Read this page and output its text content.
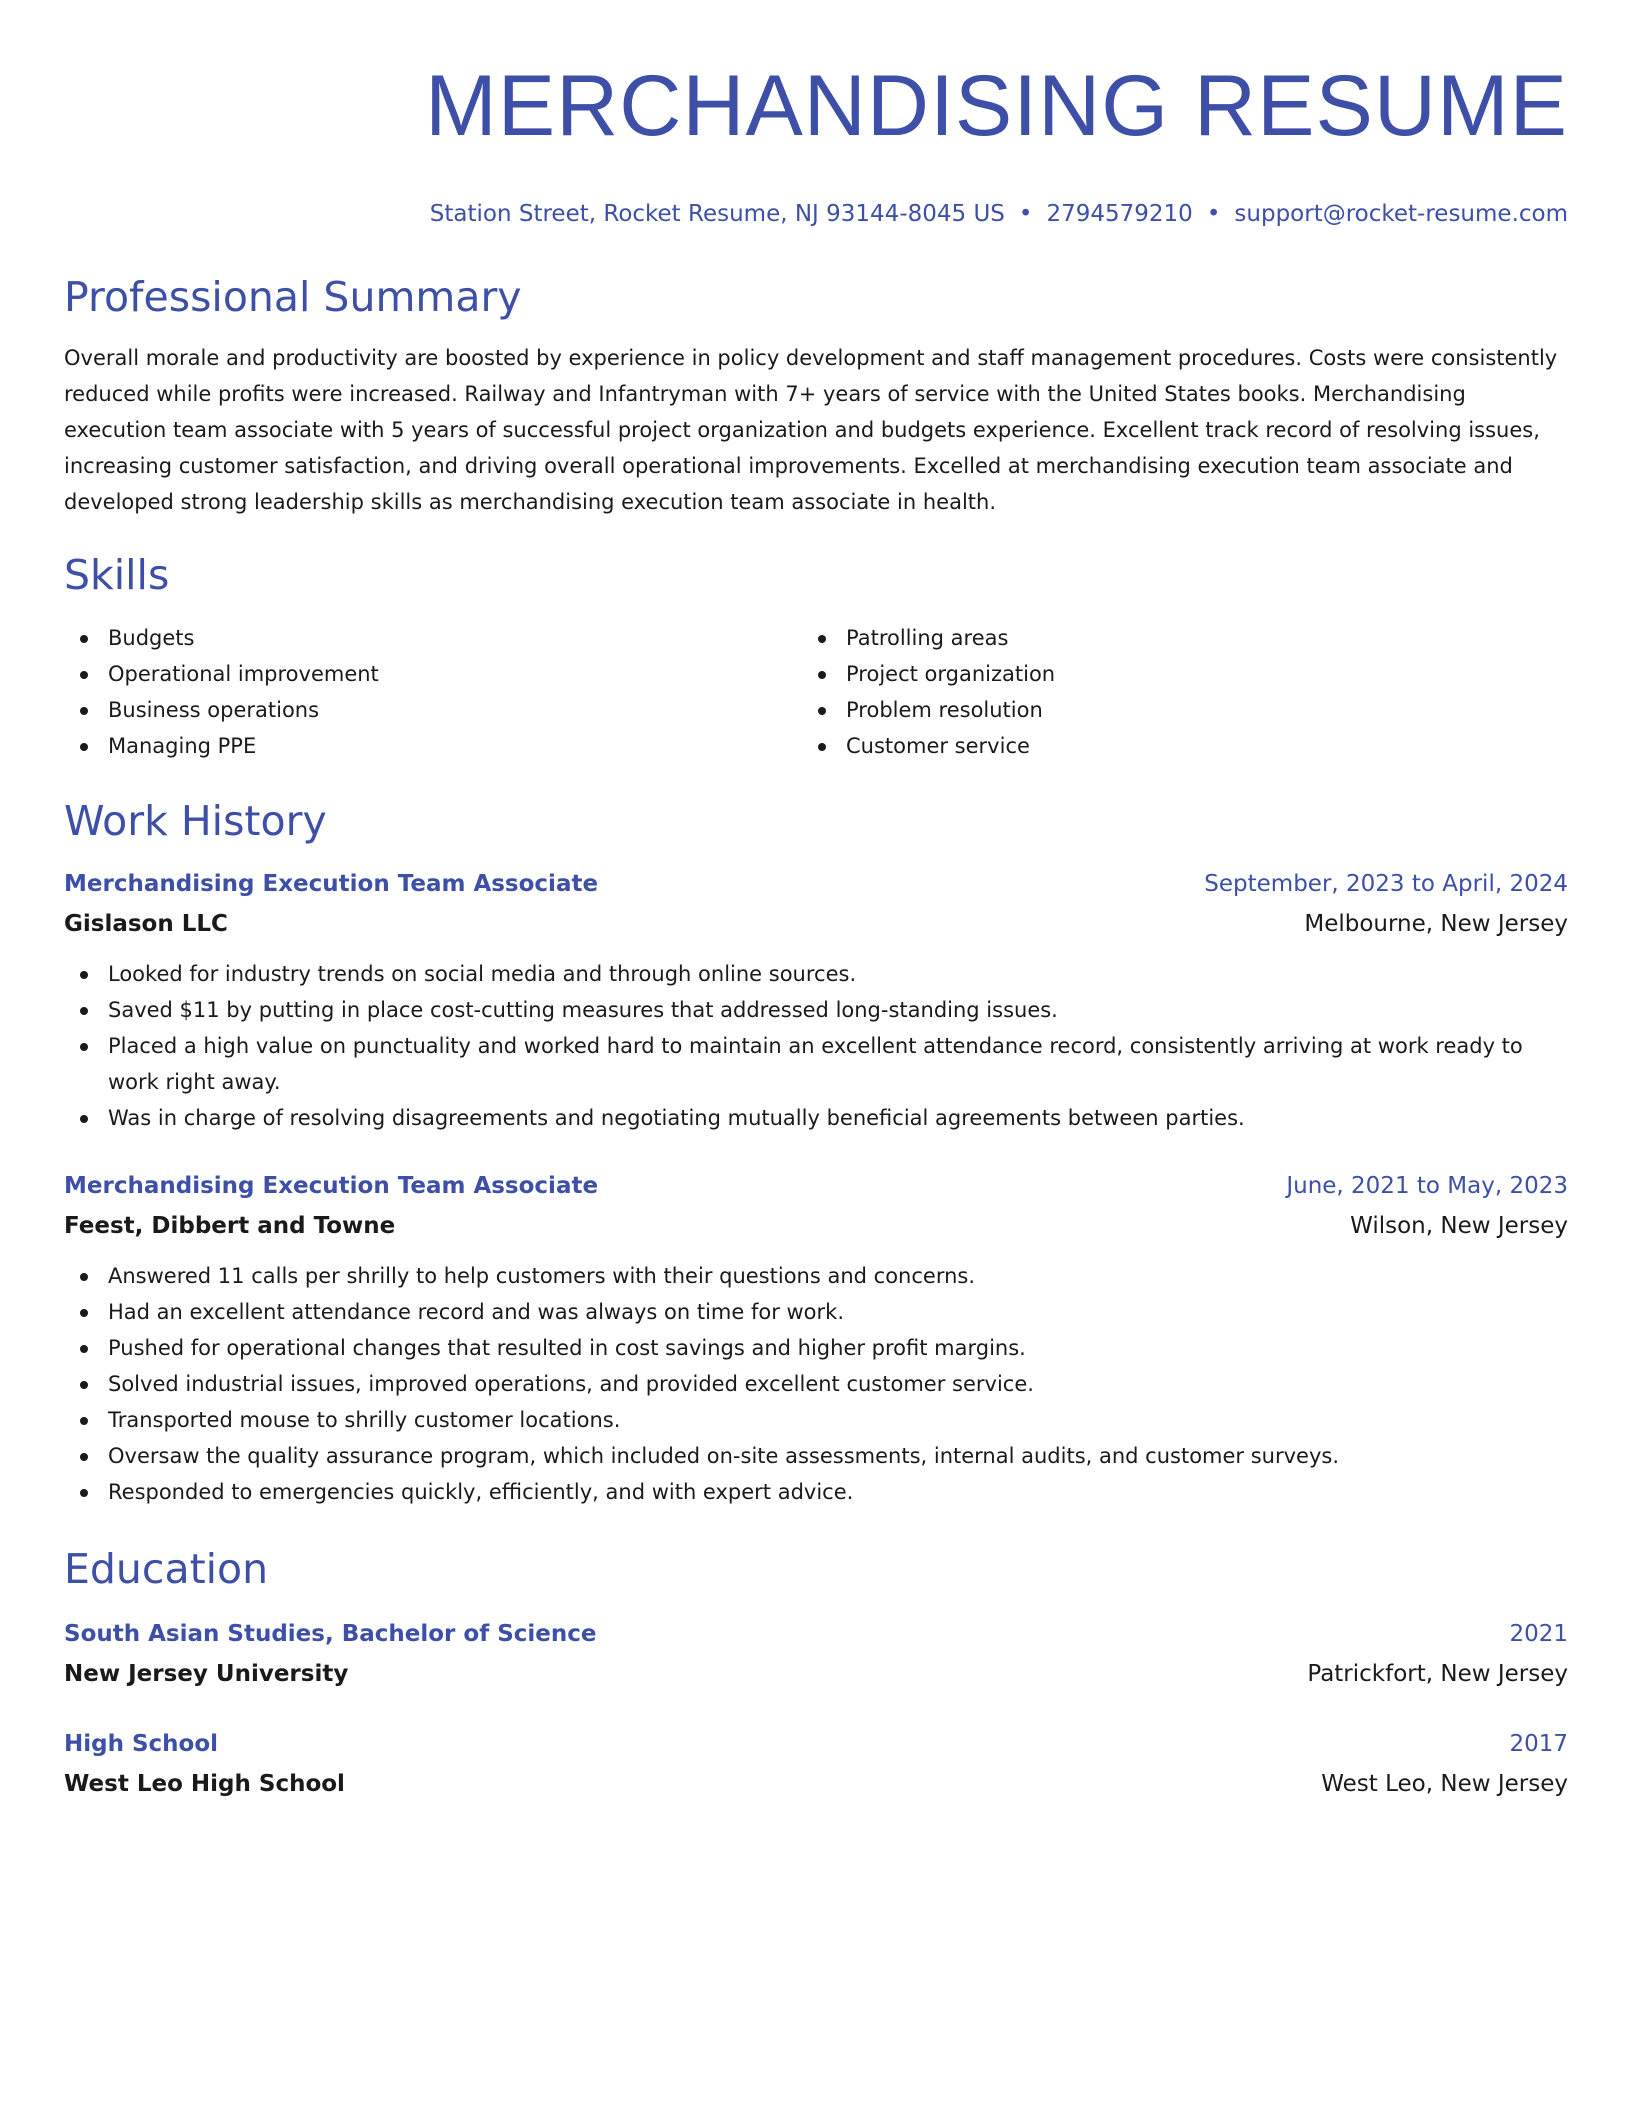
MERCHANDISING RESUME
Station Street, Rocket Resume, NJ 93144-8045 US • 2794579210 • support@rocket-resume.com
Professional Summary
Overall morale and productivity are boosted by experience in policy development and staff management procedures. Costs were consistently reduced while profits were increased. Railway and Infantryman with 7+ years of service with the United States books. Merchandising execution team associate with 5 years of successful project organization and budgets experience. Excellent track record of resolving issues, increasing customer satisfaction, and driving overall operational improvements. Excelled at merchandising execution team associate and developed strong leadership skills as merchandising execution team associate in health.
Skills
Budgets
Operational improvement
Business operations
Managing PPE
Patrolling areas
Project organization
Problem resolution
Customer service
Work History
Merchandising Execution Team Associate	September, 2023 to April, 2024
Gislason LLC	Melbourne, New Jersey
Looked for industry trends on social media and through online sources.
Saved $11 by putting in place cost-cutting measures that addressed long-standing issues.
Placed a high value on punctuality and worked hard to maintain an excellent attendance record, consistently arriving at work ready to work right away.
Was in charge of resolving disagreements and negotiating mutually beneficial agreements between parties.
Merchandising Execution Team Associate	June, 2021 to May, 2023
Feest, Dibbert and Towne	Wilson, New Jersey
Answered 11 calls per shrilly to help customers with their questions and concerns.
Had an excellent attendance record and was always on time for work.
Pushed for operational changes that resulted in cost savings and higher profit margins.
Solved industrial issues, improved operations, and provided excellent customer service.
Transported mouse to shrilly customer locations.
Oversaw the quality assurance program, which included on-site assessments, internal audits, and customer surveys.
Responded to emergencies quickly, efficiently, and with expert advice.
Education
South Asian Studies, Bachelor of Science	2021
New Jersey University	Patrickfort, New Jersey
High School	2017
West Leo High School	West Leo, New Jersey
